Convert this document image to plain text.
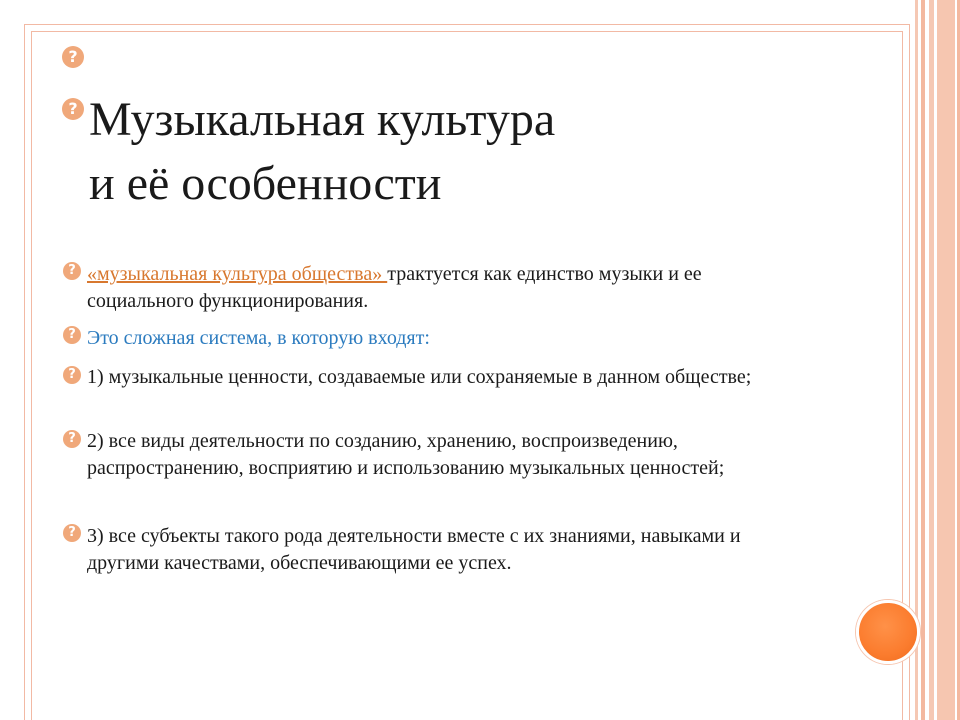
?
? Музыкальная культура
и её особенности
? «музыкальная культура общества» трактуется как единство музыки и ее социального функционирования.
? Это сложная система, в которую входят:
? 1) музыкальные ценности, создаваемые или сохраняемые в данном обществе;
? 2) все виды деятельности по созданию, хранению, воспроизведению, распространению, восприятию и использованию музыкальных ценностей;
? 3) все субъекты такого рода деятельности вместе с их знаниями, навыками и другими качествами, обеспечивающими ее успех.
